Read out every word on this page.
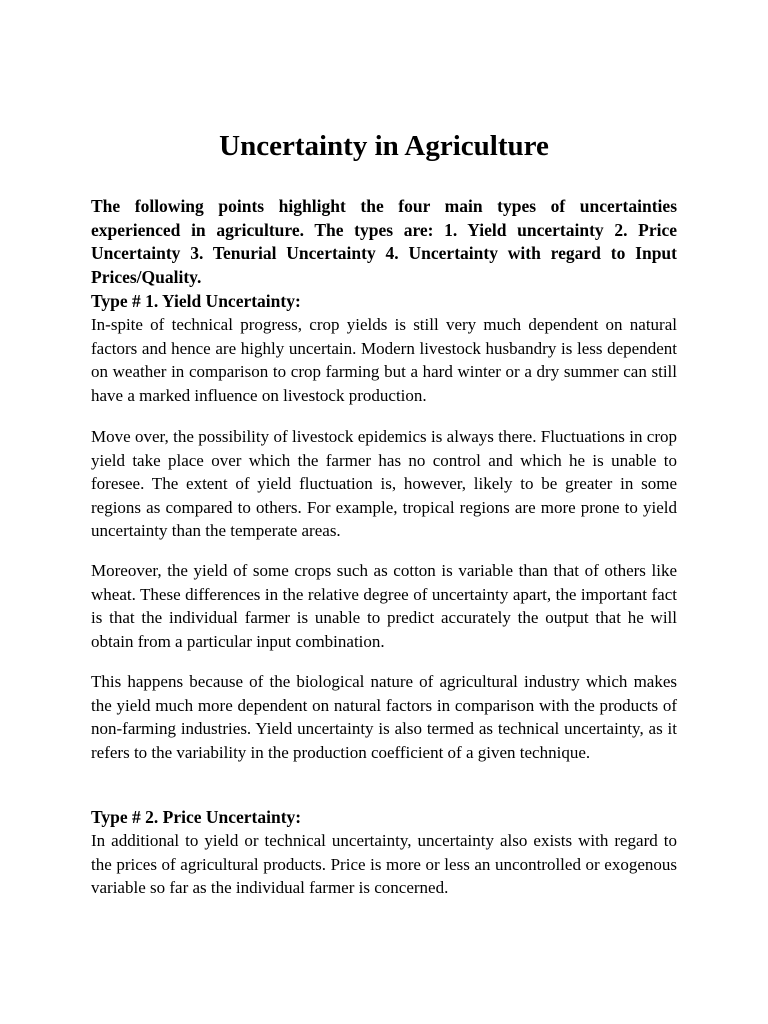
Uncertainty in Agriculture

The following points highlight the four main types of uncertainties experienced in agriculture. The types are: 1. Yield uncertainty 2. Price Uncertainty 3. Tenurial Uncertainty 4. Uncertainty with regard to Input Prices/Quality.

Type # 1. Yield Uncertainty:

In-spite of technical progress, crop yields is still very much dependent on natural factors and hence are highly uncertain. Modern livestock husbandry is less dependent on weather in comparison to crop farming but a hard winter or a dry summer can still have a marked influence on livestock production.

Move over, the possibility of livestock epidemics is always there. Fluctuations in crop yield take place over which the farmer has no control and which he is unable to foresee. The extent of yield fluctuation is, however, likely to be greater in some regions as compared to others. For example, tropical regions are more prone to yield uncertainty than the temperate areas.

Moreover, the yield of some crops such as cotton is variable than that of others like wheat. These differences in the relative degree of uncertainty apart, the important fact is that the individual farmer is unable to predict accurately the output that he will obtain from a particular input combination.

This happens because of the biological nature of agricultural industry which makes the yield much more dependent on natural factors in comparison with the products of non-farming industries. Yield uncertainty is also termed as technical uncertainty, as it refers to the variability in the production coefficient of a given technique.

Type # 2. Price Uncertainty:

In additional to yield or technical uncertainty, uncertainty also exists with regard to the prices of agricultural products. Price is more or less an uncontrolled or exogenous variable so far as the individual farmer is concerned.
